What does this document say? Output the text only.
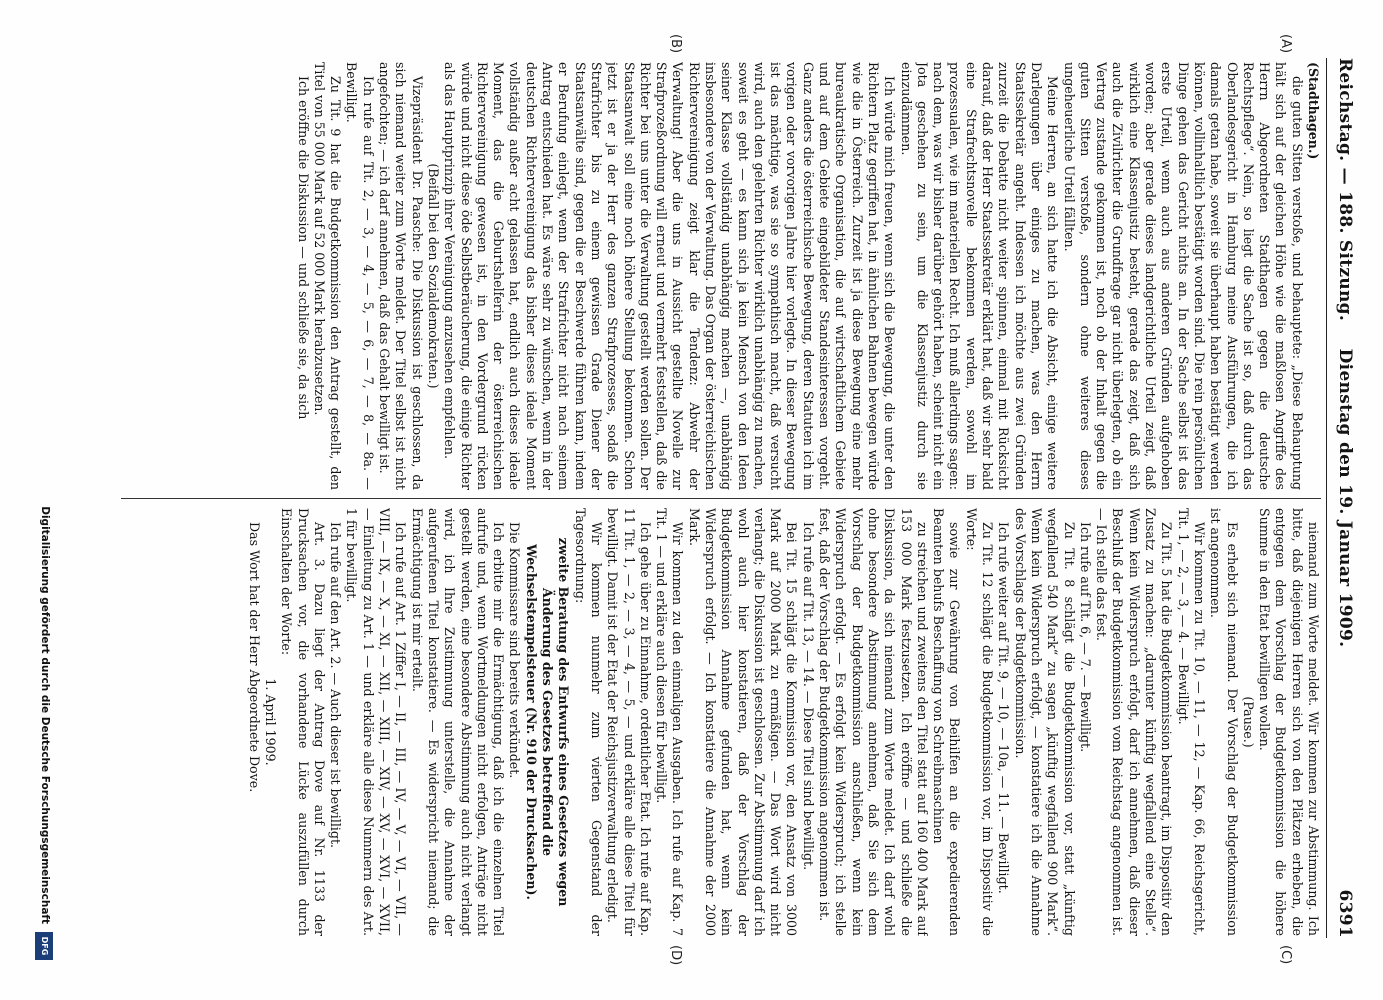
Reichstag. — 188. Sitzung.
Dienstag den 19. Januar 1909.
6391
(A)
(B)
(C)
(D)

(Stadthagen.)

die guten Sitten verstoße, und behauptete: „Diese Behauptung hält sich auf der gleichen Höhe wie die maßlosen Angriffe des Herrn Abgeordneten Stadthagen gegen die deutsche Rechtspflege“. Nein, so liegt die Sache ist so, daß durch das Oberlandesgericht in Hamburg meine Ausführungen, die ich damals getan habe, soweit sie überhaupt haben bestätigt werden können, vollinhaltlich bestätigt worden sind. Die rein persönlichen Dinge gehen das Gericht nichts an. In der Sache selbst ist das erste Urteil, wenn auch aus anderen Gründen aufgehoben worden; aber gerade dieses landgerichtliche Urteil zeigt, daß wirklich eine Klassenjustiz besteht, gerade das zeigt, daß sich auch die Zivilrichter die Grundfrage gar nicht überlegten, ob ein Vertrag zustande gekommen ist, noch ob der Inhalt gegen die guten Sitten verstoße, sondern ohne weiteres dieses ungeheuerliche Urteil fällten.

Meine Herren, an sich hatte ich die Absicht, einige weitere Darlegungen über einiges zu machen, was den Herrn Staatssekretär angeht. Indessen ich möchte aus zwei Gründen zurzeit die Debatte nicht weiter spinnen, einmal mit Rücksicht darauf, daß der Herr Staatssekretär erklärt hat, daß wir sehr bald eine Strafrechtsnovelle bekommen werden, sowohl im prozessualen, wie im materiellen Recht. Ich muß allerdings sagen: nach dem, was wir bisher darüber gehört haben, scheint nicht ein Jota geschehen zu sein, um die Klassenjustiz durch sie einzudämmen.

Ich würde mich freuen, wenn sich die Bewegung, die unter den Richtern Platz gegriffen hat, in ähnlichen Bahnen bewegen würde wie die in Österreich. Zurzeit ist ja diese Bewegung eine mehr bureaukratische Organisation, die auf wirtschaftlichem Gebiete und auf dem Gebiete eingebildeter Standesinteressen vorgeht. Ganz anders die österreichische Bewegung, deren Statuten ich im vorigen oder vorvorigen Jahre hier vorlegte. In dieser Bewegung ist das mächtige, was sie so sympathisch macht, daß versucht wird, auch den gelehrten Richter wirklich unabhängig zu machen, soweit es geht — es kann sich ja kein Mensch von den Ideen seiner Klasse vollständig unabhängig machen —, unabhängig insbesondere von der Verwaltung. Das Organ der österreichischen Richtervereinigung zeigt klar die Tendenz: Abwehr der Verwaltung! Aber die uns in Aussicht gestellte Novelle zur Strafprozeßordnung will erneut und vermehrt feststellen, daß die Richter bei uns unter die Verwaltung gestellt werden sollen. Der Staatsanwalt soll eine noch höhere Stellung bekommen. Schon jetzt ist er ja der Herr des ganzen Strafprozesses, sodaß die Strafrichter bis zu einem gewissen Grade Diener der Staatsanwälte sind, gegen die er Beschwerde führen kann, indem er Berufung einlegt, wenn der Strafrichter nicht nach seinem Antrag entschieden hat. Es wäre sehr zu wünschen, wenn in der deutschen Richtervereinigung das bisher dieses ideale Moment vollständig außer acht gelassen hat, endlich auch dieses ideale Moment, das die Geburtshelferin der österreichischen Richtervereinigung gewesen ist, in den Vordergrund rücken würde und nicht diese öde Selbstberäucherung, die einige Richter als das Hauptprinzip ihrer Vereinigung anzusehen empfehlen.

(Beifall bei den Sozialdemokraten.)

Vizepräsident Dr. Paasche: Die Diskussion ist geschlossen, da sich niemand weiter zum Worte meldet. Der Titel selbst ist nicht angefochten; — ich darf annehmen, daß das Gehalt bewilligt ist.

Ich rufe auf Tit. 2, — 3, — 4, — 5, — 6, — 7, — 8, — 8a. — Bewilligt.

Zu Tit. 9 hat die Budgetkommission den Antrag gestellt, den Titel von 55 000 Mark auf 52 000 Mark herabzusetzen.

Ich eröffne die Diskussion — und schließe sie, da sich

niemand zum Worte meldet. Wir kommen zur Abstimmung. Ich bitte, daß diejenigen Herren sich von den Plätzen erheben, die entgegen dem Vorschlag der Budgetkommission die höhere Summe in den Etat bewilligen wollen.

(Pause.)

Es erhebt sich niemand. Der Vorschlag der Budgetkommission ist angenommen.

Wir kommen zu Tit. 10, — 11, — 12, — Kap. 66, Reichsgericht, Tit. 1, — 2, — 3, — 4. — Bewilligt.

Zu Tit. 5 hat die Budgetkommission beantragt, im Dispositiv den Zusatz zu machen: „darunter künftig wegfallend eine Stelle“. Wenn kein Widerspruch erfolgt, darf ich annehmen, daß dieser Beschluß der Budgetkommission vom Reichstag angenommen ist. — Ich stelle das fest.

Ich rufe auf Tit. 6, — 7. — Bewilligt.

Zu Tit. 8 schlägt die Budgetkommission vor, statt „künftig wegfallend 540 Mark“ zu sagen „künftig wegfallend 900 Mark“. Wenn kein Widerspruch erfolgt, — konstatiere ich die Annahme des Vorschlags der Budgetkommission.

Ich rufe weiter auf Tit. 9, — 10, — 10a, — 11. — Bewilligt.

Zu Tit. 12 schlägt die Budgetkommission vor, im Dispositiv die Worte:

sowie zur Gewährung von Beihilfen an die expedierenden Beamten behufs Beschaffung von Schreibmaschinen

zu streichen und zweitens den Titel statt auf 160 400 Mark auf 153 000 Mark festzusetzen. Ich eröffne — und schließe die Diskussion, da sich niemand zum Worte meldet. Ich darf wohl ohne besondere Abstimmung annehmen, daß Sie sich dem Vorschlag der Budgetkommission anschließen, wenn kein Widerspruch erfolgt. — Es erfolgt kein Widerspruch; ich stelle fest, daß der Vorschlag der Budgetkommission angenommen ist.

Ich rufe auf Tit. 13, — 14. — Diese Titel sind bewilligt.

Bei Tit. 15 schlägt die Kommission vor, den Ansatz von 3000 Mark auf 2000 Mark zu ermäßigen. — Das Wort wird nicht verlangt; die Diskussion ist geschlossen. Zur Abstimmung darf ich wohl auch hier konstatieren, daß der Vorschlag der Budgetkommission Annahme gefunden hat, wenn kein Widerspruch erfolgt. — Ich konstatiere die Annahme der 2000 Mark.

Wir kommen zu den einmaligen Ausgaben. Ich rufe auf Kap. 7 Tit. 1 — und erkläre auch diesen für bewilligt.

Ich gehe über zu Einnahme, ordentlicher Etat. Ich rufe auf Kap. 11 Tit. 1, — 2, — 3, — 4, — 5, — und erkläre alle diese Titel für bewilligt. Damit ist der Etat der Reichsjustizverwaltung erledigt.

Wir kommen nunmehr zum vierten Gegenstand der Tagesordnung:

zweite Beratung des Entwurfs eines Gesetzes wegen Änderung des Gesetzes betreffend die Wechselstempelsteuer (Nr. 910 der Drucksachen).

Die Kommissare sind bereits verkündet.

Ich erbitte mir die Ermächtigung, daß ich die einzelnen Titel aufrufe und, wenn Wortmeldungen nicht erfolgen, Anträge nicht gestellt werden, eine besondere Abstimmung auch nicht verlangt wird, ich Ihre Zustimmung unterstelle, die Annahme der aufgerufenen Titel konstatiere. — Es widerspricht niemand; die Ermächtigung ist mir erteilt.

Ich rufe auf Art. 1 Ziffer I, — II, — III, — IV, — V, — VI, — VII, — VIII, — IX, — X, — XI, — XII, — XIII, — XIV, — XV, — XVI, — XVII, — Einleitung zu Art. 1 — und erkläre alle diese Nummern des Art. 1 für bewilligt.

Ich rufe auf den Art. 2. — Auch dieser ist bewilligt.

Art. 3. Dazu liegt der Antrag Dove auf Nr. 1133 der Drucksachen vor, die vorhandene Lücke auszufüllen durch Einschalten der Worte:

1. April 1909.

Das Wort hat der Herr Abgeordnete Dove.

Digitalisierung gefördert durch die Deutsche Forschungsgemeinschaft
DFG
